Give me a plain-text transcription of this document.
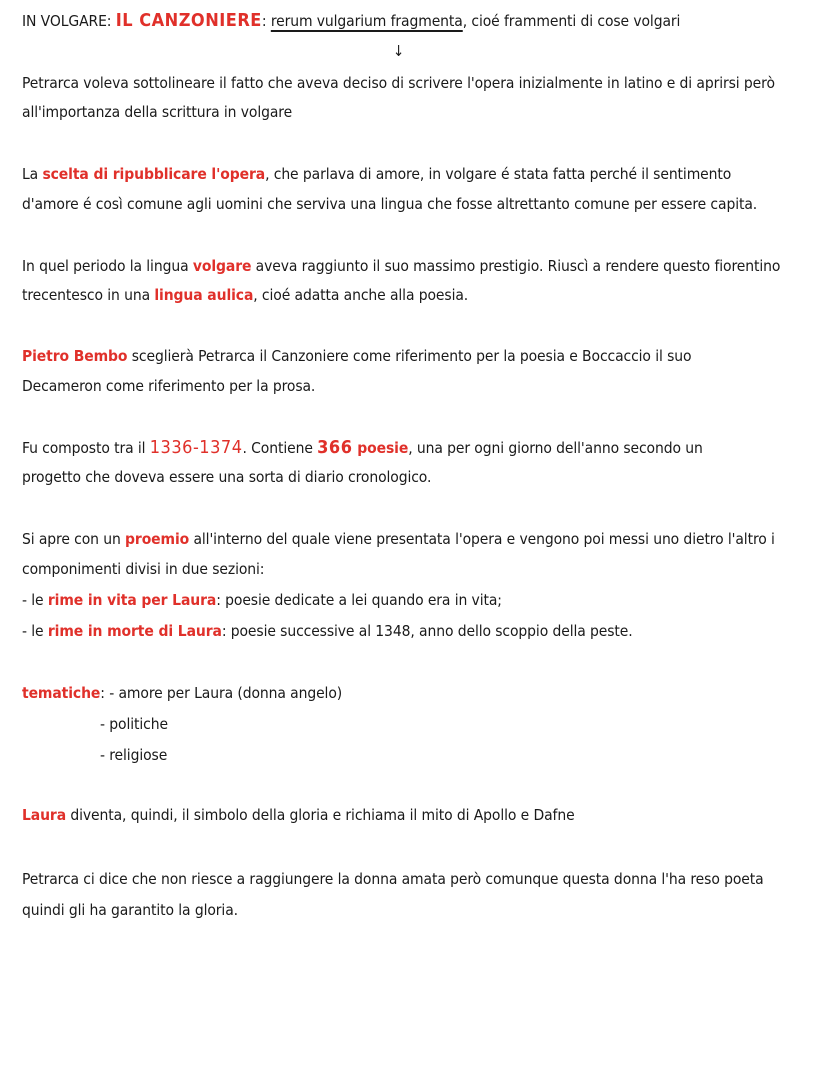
IN VOLGARE: IL CANZONIERE: rerum vulgarium fragmenta, cioé frammenti di cose volgari
↓
Petrarca voleva sottolineare il fatto che aveva deciso di scrivere l'opera inizialmente in latino e di aprirsi però
all'importanza della scrittura in volgare
La scelta di ripubblicare l'opera, che parlava di amore, in volgare é stata fatta perché il sentimento
d'amore é così comune agli uomini che serviva una lingua che fosse altrettanto comune per essere capita.
In quel periodo la lingua volgare aveva raggiunto il suo massimo prestigio. Riuscì a rendere questo fiorentino
trecentesco in una lingua aulica, cioé adatta anche alla poesia.
Pietro Bembo sceglierà Petrarca il Canzoniere come riferimento per la poesia e Boccaccio il suo
Decameron come riferimento per la prosa.
Fu composto tra il 1336-1374. Contiene 366 poesie, una per ogni giorno dell'anno secondo un
progetto che doveva essere una sorta di diario cronologico.
Si apre con un proemio all'interno del quale viene presentata l'opera e vengono poi messi uno dietro l'altro i
componimenti divisi in due sezioni:
- le rime in vita per Laura: poesie dedicate a lei quando era in vita;
- le rime in morte di Laura: poesie successive al 1348, anno dello scoppio della peste.
tematiche: - amore per Laura (donna angelo)
- politiche
- religiose
Laura diventa, quindi, il simbolo della gloria e richiama il mito di Apollo e Dafne
Petrarca ci dice che non riesce a raggiungere la donna amata però comunque questa donna l'ha reso poeta
quindi gli ha garantito la gloria.
